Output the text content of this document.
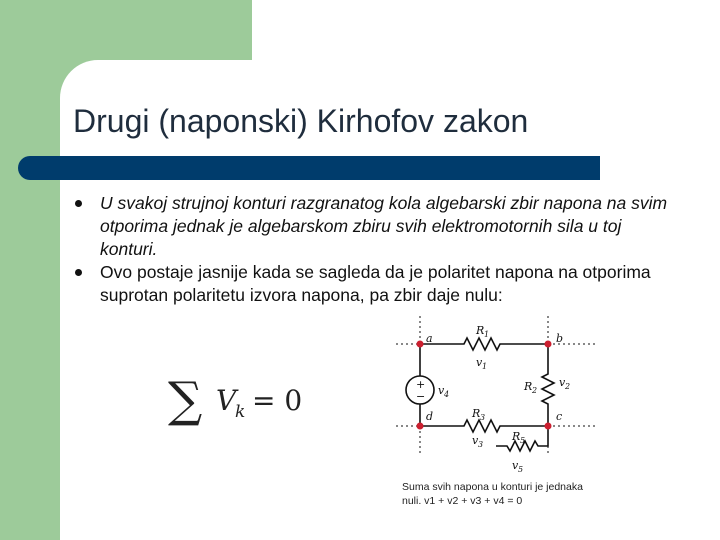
Drugi (naponski) Kirhofov zakon
U svakoj strujnoj konturi razgranatog kola algebarski zbir napona na svim otporima jednak je algebarskom zbiru svih elektromotornih sila u toj konturi.
Ovo postaje jasnije kada se sagleda da je polaritet napona na otporima suprotan polaritetu izvora napona, pa zbir daje nulu:
∑ V
k = 0
a	b
c
d
R 1
v 1
R 2
v 2
v 4
R 3
v 3
R 5
v 5
+
−
Suma svih napona u konturi je jednaka nuli. v1 + v2 + v3 + v4 = 0
